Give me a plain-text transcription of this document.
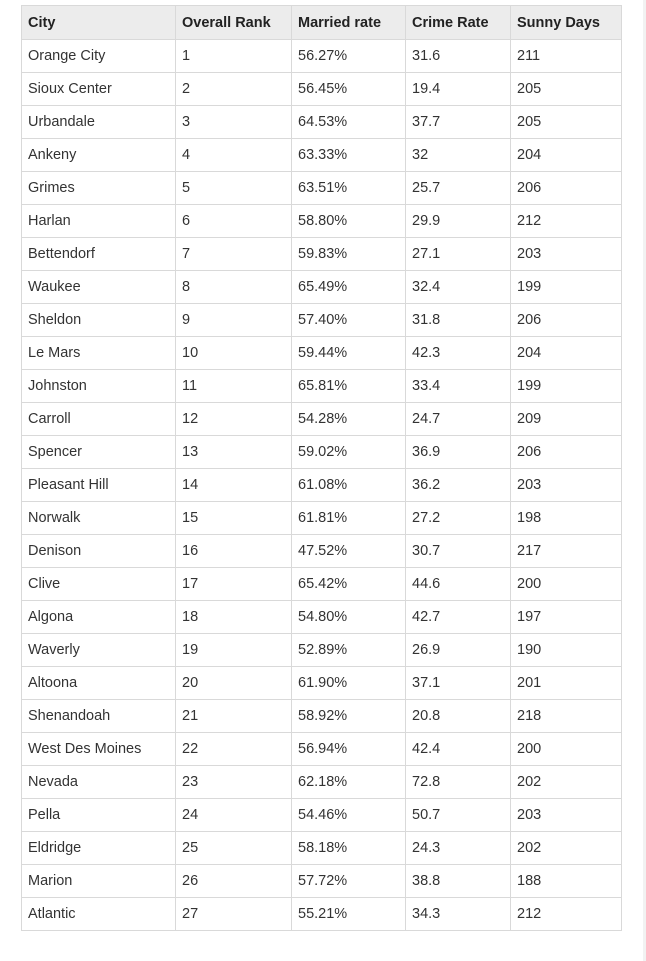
City	Overall Rank	Married rate	Crime Rate	Sunny Days
Orange City	1	56.27%	31.6	211
Sioux Center	2	56.45%	19.4	205
Urbandale	3	64.53%	37.7	205
Ankeny	4	63.33%	32	204
Grimes	5	63.51%	25.7	206
Harlan	6	58.80%	29.9	212
Bettendorf	7	59.83%	27.1	203
Waukee	8	65.49%	32.4	199
Sheldon	9	57.40%	31.8	206
Le Mars	10	59.44%	42.3	204
Johnston	11	65.81%	33.4	199
Carroll	12	54.28%	24.7	209
Spencer	13	59.02%	36.9	206
Pleasant Hill	14	61.08%	36.2	203
Norwalk	15	61.81%	27.2	198
Denison	16	47.52%	30.7	217
Clive	17	65.42%	44.6	200
Algona	18	54.80%	42.7	197
Waverly	19	52.89%	26.9	190
Altoona	20	61.90%	37.1	201
Shenandoah	21	58.92%	20.8	218
West Des Moines	22	56.94%	42.4	200
Nevada	23	62.18%	72.8	202
Pella	24	54.46%	50.7	203
Eldridge	25	58.18%	24.3	202
Marion	26	57.72%	38.8	188
Atlantic	27	55.21%	34.3	212
